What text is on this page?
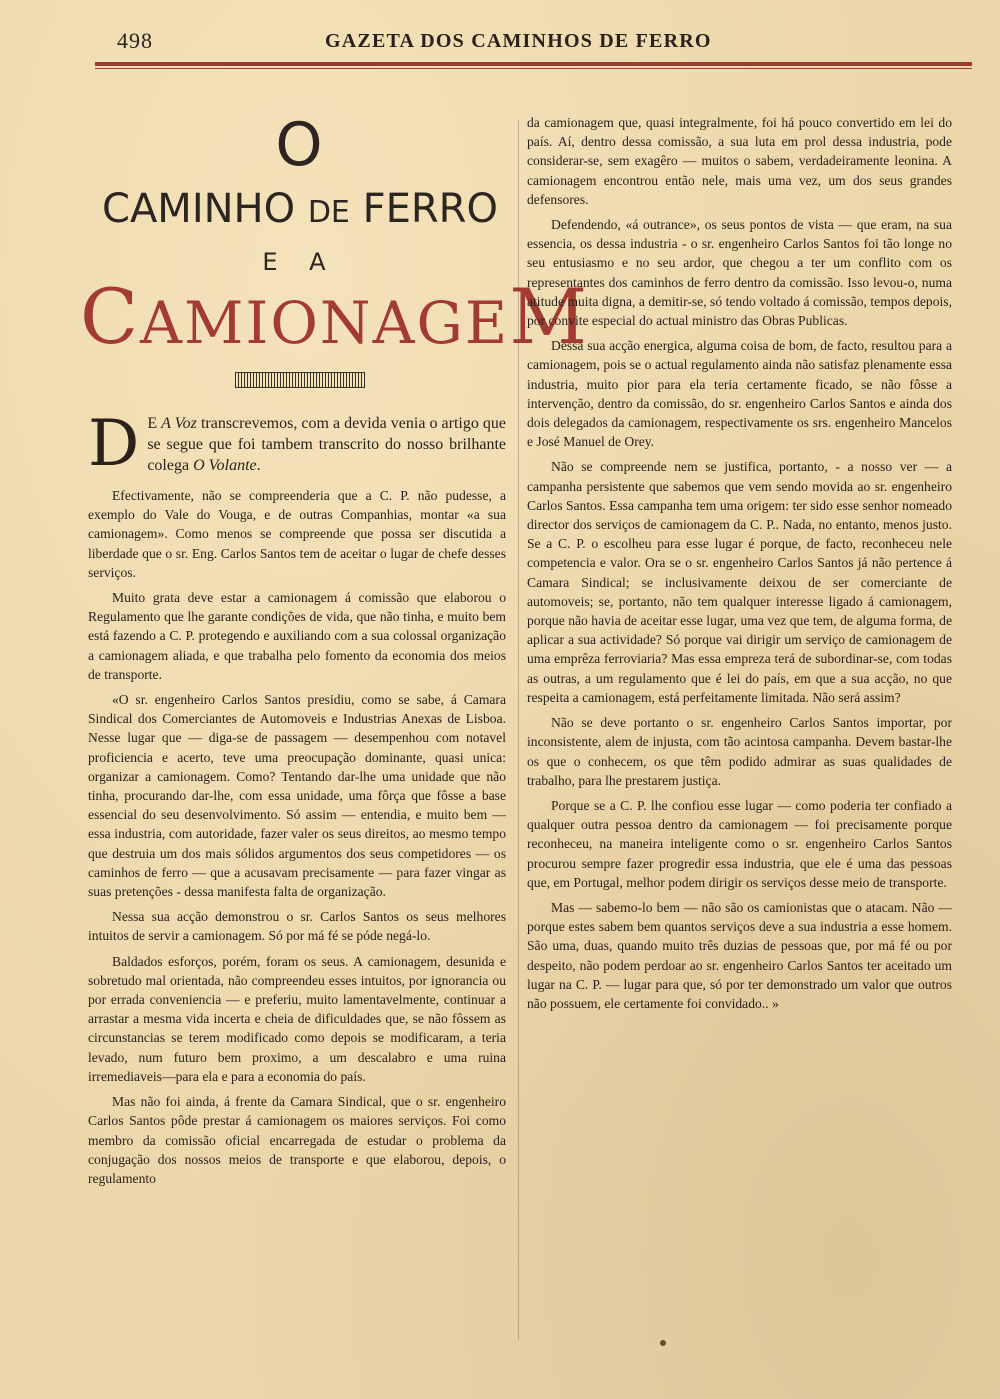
498	GAZETA DOS CAMINHOS DE FERRO
O
CAMINHO DE FERRO
E A
CAMIONAGEM
D E A Voz transcrevemos, com a devida venia o artigo que se segue que foi tambem transcrito do nosso brilhante colega O Volante.

Efectivamente, não se compreenderia que a C. P. não pudesse, a exemplo do Vale do Vouga, e de outras Companhias, montar «a sua camionagem». Como menos se compreende que possa ser discutida a liberdade que o sr. Eng. Carlos Santos tem de aceitar o lugar de chefe desses serviços.

Muito grata deve estar a camionagem á comissão que elaborou o Regulamento que lhe garante condições de vida, que não tinha, e muito bem está fazendo a C. P. protegendo e auxiliando com a sua colossal organização a camionagem aliada, e que trabalha pelo fomento da economia dos meios de transporte.

«O sr. engenheiro Carlos Santos presidiu, como se sabe, á Camara Sindical dos Comerciantes de Automoveis e Industrias Anexas de Lisboa. Nesse lugar que — diga-se de passagem — desempenhou com notavel proficiencia e acerto, teve uma preocupação dominante, quasi unica: organizar a camionagem. Como? Tentando dar-lhe uma unidade que não tinha, procurando dar-lhe, com essa unidade, uma fôrça que fôsse a base essencial do seu desenvolvimento. Só assim — entendia, e muito bem — essa industria, com autoridade, fazer valer os seus direitos, ao mesmo tempo que destruia um dos mais sólidos argumentos dos seus competidores — os caminhos de ferro — que a acusavam precisamente — para fazer vingar as suas pretenções - dessa manifesta falta de organização.

Nessa sua acção demonstrou o sr. Carlos Santos os seus melhores intuitos de servir a camionagem. Só por má fé se póde negá-lo.

Baldados esforços, porém, foram os seus. A camionagem, desunida e sobretudo mal orientada, não compreendeu esses intuitos, por ignorancia ou por errada conveniencia — e preferiu, muito lamentavelmente, continuar a arrastar a mesma vida incerta e cheia de dificuldades que, se não fôssem as circunstancias se terem modificado como depois se modificaram, a teria levado, num futuro bem proximo, a um descalabro e uma ruina irremediaveis—para ela e para a economia do país.

Mas não foi ainda, á frente da Camara Sindical, que o sr. engenheiro Carlos Santos pôde prestar á camionagem os maiores serviços. Foi como membro da comissão oficial encarregada de estudar o problema da conjugação dos nossos meios de transporte e que elaborou, depois, o regulamento

da camionagem que, quasi integralmente, foi há pouco convertido em lei do país. Aí, dentro dessa comissão, a sua luta em prol dessa industria, pode considerar-se, sem exagêro — muitos o sabem, verdadeiramente leonina. A camionagem encontrou então nele, mais uma vez, um dos seus grandes defensores.

Defendendo, «á outrance», os seus pontos de vista — que eram, na sua essencia, os dessa industria - o sr. engenheiro Carlos Santos foi tão longe no seu entusiasmo e no seu ardor, que chegou a ter um conflito com os representantes dos caminhos de ferro dentro da comissão. Isso levou-o, numa atitude muita digna, a demitir-se, só tendo voltado á comissão, tempos depois, por convite especial do actual ministro das Obras Publicas.

Dessa sua acção energica, alguma coisa de bom, de facto, resultou para a camionagem, pois se o actual regulamento ainda não satisfaz plenamente essa industria, muito pior para ela teria certamente ficado, se não fôsse a intervenção, dentro da comissão, do sr. engenheiro Carlos Santos e ainda dos dois delegados da camionagem, respectivamente os srs. engenheiro Mancelos e José Manuel de Orey.

Não se compreende nem se justifica, portanto, - a nosso ver — a campanha persistente que sabemos que vem sendo movida ao sr. engenheiro Carlos Santos. Essa campanha tem uma origem: ter sido esse senhor nomeado director dos serviços de camionagem da C. P.. Nada, no entanto, menos justo. Se a C. P. o escolheu para esse lugar é porque, de facto, reconheceu nele competencia e valor. Ora se o sr. engenheiro Carlos Santos já não pertence á Camara Sindical; se inclusivamente deixou de ser comerciante de automoveis; se, portanto, não tem qualquer interesse ligado á camionagem, porque não havia de aceitar esse lugar, uma vez que tem, de alguma forma, de aplicar a sua actividade? Só porque vai dirigir um serviço de camionagem de uma emprêza ferroviaria? Mas essa empreza terá de subordinar-se, com todas as outras, a um regulamento que é lei do país, em que a sua acção, no que respeita a camionagem, está perfeitamente limitada. Não será assim?

Não se deve portanto o sr. engenheiro Carlos Santos importar, por inconsistente, alem de injusta, com tão acintosa campanha. Devem bastar-lhe os que o conhecem, os que têm podido admirar as suas qualidades de trabalho, para lhe prestarem justiça.

Porque se a C. P. lhe confiou esse lugar — como poderia ter confiado a qualquer outra pessoa dentro da camionagem — foi precisamente porque reconheceu, na maneira inteligente como o sr. engenheiro Carlos Santos procurou sempre fazer progredir essa industria, que ele é uma das pessoas que, em Portugal, melhor podem dirigir os serviços desse meio de transporte.

Mas — sabemo-lo bem — não são os camionistas que o atacam. Não — porque estes sabem bem quantos serviços deve a sua industria a esse homem. São uma, duas, quando muito três duzias de pessoas que, por má fé ou por despeito, não podem perdoar ao sr. engenheiro Carlos Santos ter aceitado um lugar na C. P. — lugar para que, só por ter demonstrado um valor que outros não possuem, ele certamente foi convidado.. »
